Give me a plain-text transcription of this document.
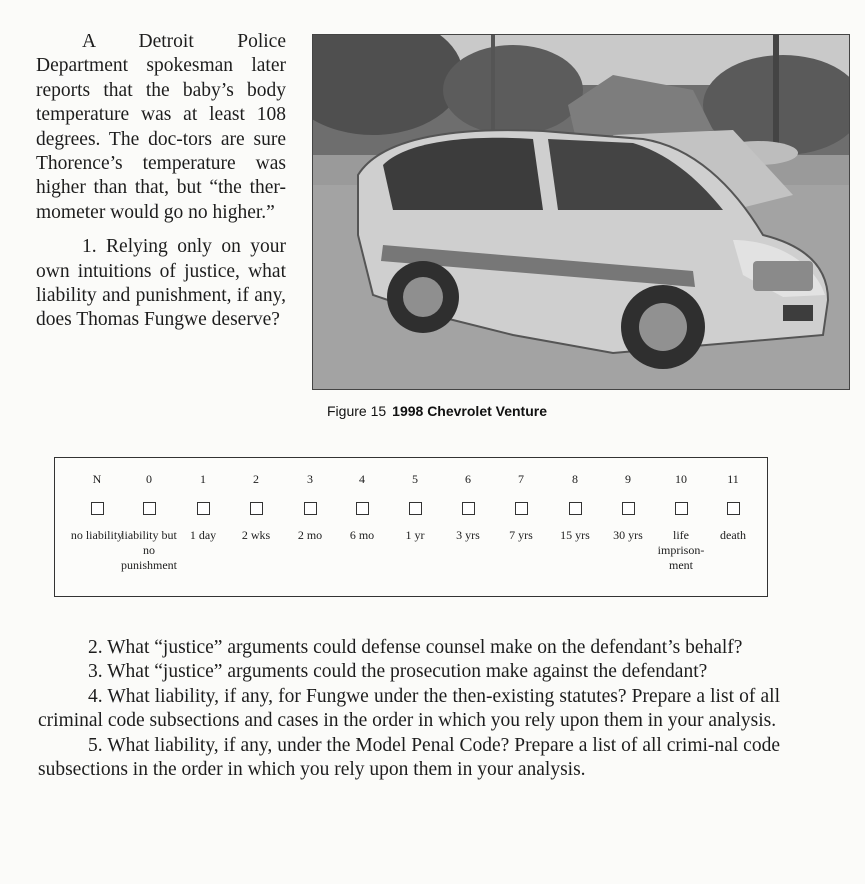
A Detroit Police Department spokesman later reports that the baby’s body temperature was at least 108 degrees. The doc-tors are sure Thorence’s temperature was higher than that, but “the ther-mometer would go no higher.”

1. Relying only on your own intuitions of justice, what liability and punishment, if any, does Thomas Fungwe deserve?

Figure 15 1998 Chevrolet Venture
N
no liability
0
liability but no punishment
1
1 day
2
2 wks
3
2 mo
4
6 mo
5
1 yr
6
3 yrs
7
7 yrs
8
15 yrs
9
30 yrs
10
life imprison-ment
11
death

2. What “justice” arguments could defense counsel make on the defendant’s behalf?

3. What “justice” arguments could the prosecution make against the defendant?

4. What liability, if any, for Fungwe under the then-existing statutes? Prepare a list of all criminal code subsections and cases in the order in which you rely upon them in your analysis.

5. What liability, if any, under the Model Penal Code? Prepare a list of all crimi-nal code subsections in the order in which you rely upon them in your analysis.
